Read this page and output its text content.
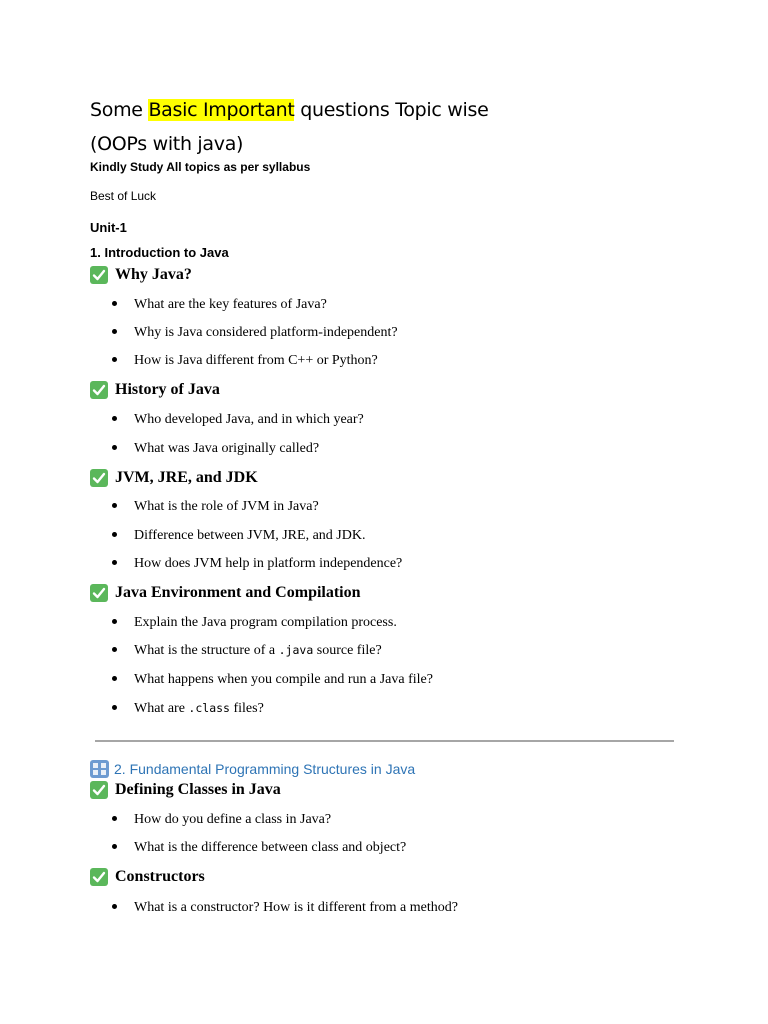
Some Basic Important questions Topic wise
(OOPs with java)
Kindly Study All topics as per syllabus
Best of Luck
Unit-1
1. Introduction to Java
Why Java?
What are the key features of Java?
Why is Java considered platform-independent?
How is Java different from C++ or Python?
History of Java
Who developed Java, and in which year?
What was Java originally called?
JVM, JRE, and JDK
What is the role of JVM in Java?
Difference between JVM, JRE, and JDK.
How does JVM help in platform independence?
Java Environment and Compilation
Explain the Java program compilation process.
What is the structure of a .java source file?
What happens when you compile and run a Java file?
What are .class files?
2. Fundamental Programming Structures in Java
Defining Classes in Java
How do you define a class in Java?
What is the difference between class and object?
Constructors
What is a constructor? How is it different from a method?
